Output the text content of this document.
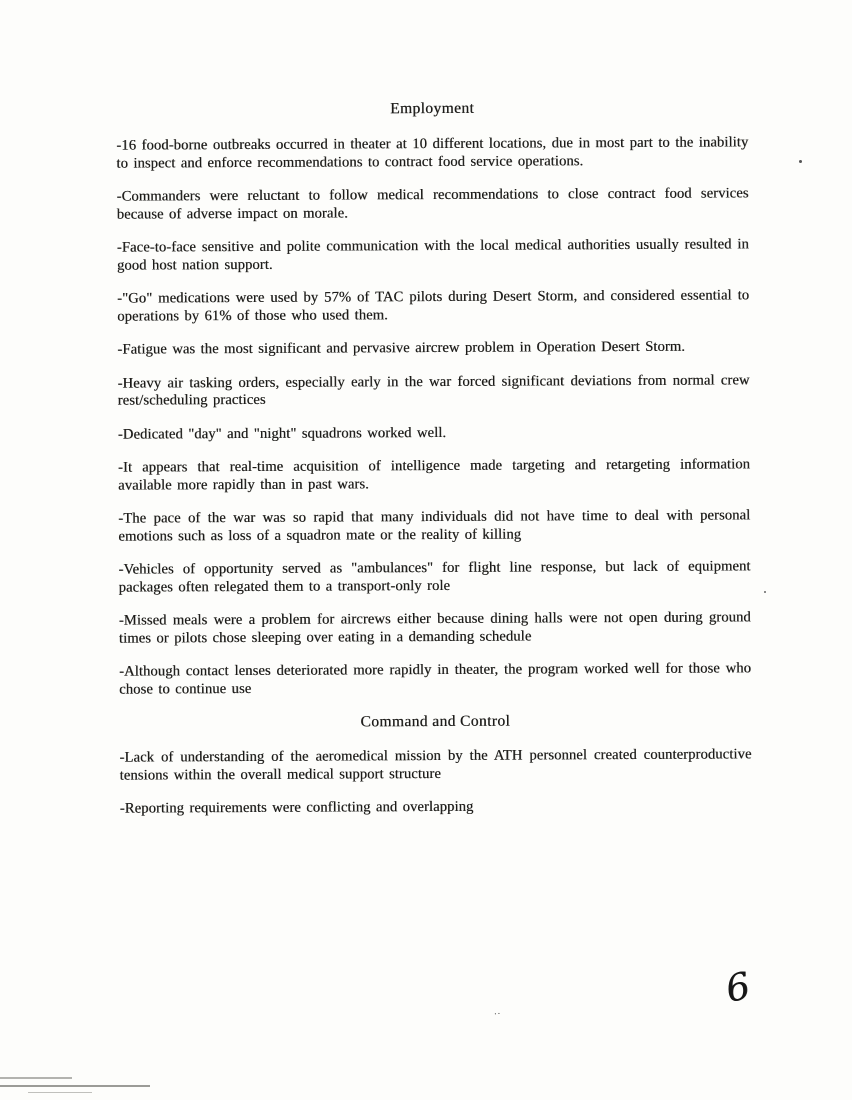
Employment

-16 food-borne outbreaks occurred in theater at 10 different locations, due in most part to the inability to inspect and enforce recommendations to contract food service operations.

-Commanders were reluctant to follow medical recommendations to close contract food services because of adverse impact on morale.

-Face-to-face sensitive and polite communication with the local medical authorities usually resulted in good host nation support.

-"Go" medications were used by 57% of TAC pilots during Desert Storm, and considered essential to operations by 61% of those who used them.

-Fatigue was the most significant and pervasive aircrew problem in Operation Desert Storm.

-Heavy air tasking orders, especially early in the war forced significant deviations from normal crew rest/scheduling practices

-Dedicated "day" and "night" squadrons worked well.

-It appears that real-time acquisition of intelligence made targeting and retargeting information available more rapidly than in past wars.

-The pace of the war was so rapid that many individuals did not have time to deal with personal emotions such as loss of a squadron mate or the reality of killing

-Vehicles of opportunity served as "ambulances" for flight line response, but lack of equipment packages often relegated them to a transport-only role

-Missed meals were a problem for aircrews either because dining halls were not open during ground times or pilots chose sleeping over eating in a demanding schedule

-Although contact lenses deteriorated more rapidly in theater, the program worked well for those who chose to continue use

Command and Control

-Lack of understanding of the aeromedical mission by the ATH personnel created counterproductive tensions within the overall medical support structure

-Reporting requirements were conflicting and overlapping

6
..
